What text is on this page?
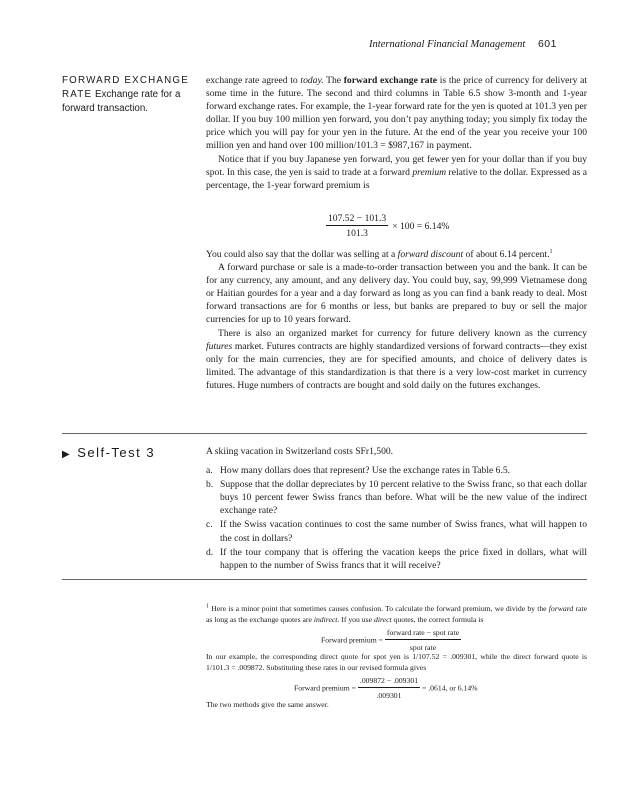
International Financial Management 601
FORWARD EXCHANGE RATE Exchange rate for a forward transaction.

exchange rate agreed to today. The forward exchange rate is the price of currency for delivery at some time in the future. The second and third columns in Table 6.5 show 3-month and 1-year forward exchange rates. For example, the 1-year forward rate for the yen is quoted at 101.3 yen per dollar. If you buy 100 million yen forward, you don’t pay anything today; you simply fix today the price which you will pay for your yen in the future. At the end of the year you receive your 100 million yen and hand over 100 million/101.3 = $987,167 in payment.

Notice that if you buy Japanese yen forward, you get fewer yen for your dollar than if you buy spot. In this case, the yen is said to trade at a forward premium relative to the dollar. Expressed as a percentage, the 1-year forward premium is

$\frac{107.52 - 101.3}{101.3} \times 100 = 6.14\%$

You could also say that the dollar was selling at a forward discount of about 6.14 percent.$^1$

A forward purchase or sale is a made-to-order transaction between you and the bank. It can be for any currency, any amount, and any delivery day. You could buy, say, 99,999 Vietnamese dong or Haitian gourdes for a year and a day forward as long as you can find a bank ready to deal. Most forward transactions are for 6 months or less, but banks are prepared to buy or sell the major currencies for up to 10 years forward.

There is also an organized market for currency for future delivery known as the currency futures market. Futures contracts are highly standardized versions of forward contracts—they exist only for the main currencies, they are for specified amounts, and choice of delivery dates is limited. The advantage of this standardization is that there is a very low-cost market in currency futures. Huge numbers of contracts are bought and sold daily on the futures exchanges.

▶ Self-Test 3	A skiing vacation in Switzerland costs SFr1,500.

a. How many dollars does that represent? Use the exchange rates in Table 6.5.
b. Suppose that the dollar depreciates by 10 percent relative to the Swiss franc, so that each dollar buys 10 percent fewer Swiss francs than before. What will be the new value of the indirect exchange rate?
c. If the Swiss vacation continues to cost the same number of Swiss francs, what will happen to the cost in dollars?
d. If the tour company that is offering the vacation keeps the price fixed in dollars, what will happen to the number of Swiss francs that it will receive?

$^1$ Here is a minor point that sometimes causes confusion. To calculate the forward premium, we divide by the forward rate as long as the exchange quotes are indirect. If you use direct quotes, the correct formula is

Forward premium = $\frac{\text{forward rate − spot rate}}{\text{spot rate}}$

In our example, the corresponding direct quote for spot yen is 1/107.52 = .009301, while the direct forward quote is 1/101.3 = .009872. Substituting these rates in our revised formula gives

Forward premium = $\frac{.009872 - .009301}{.009301} = .0614$, or 6.14%

The two methods give the same answer.
